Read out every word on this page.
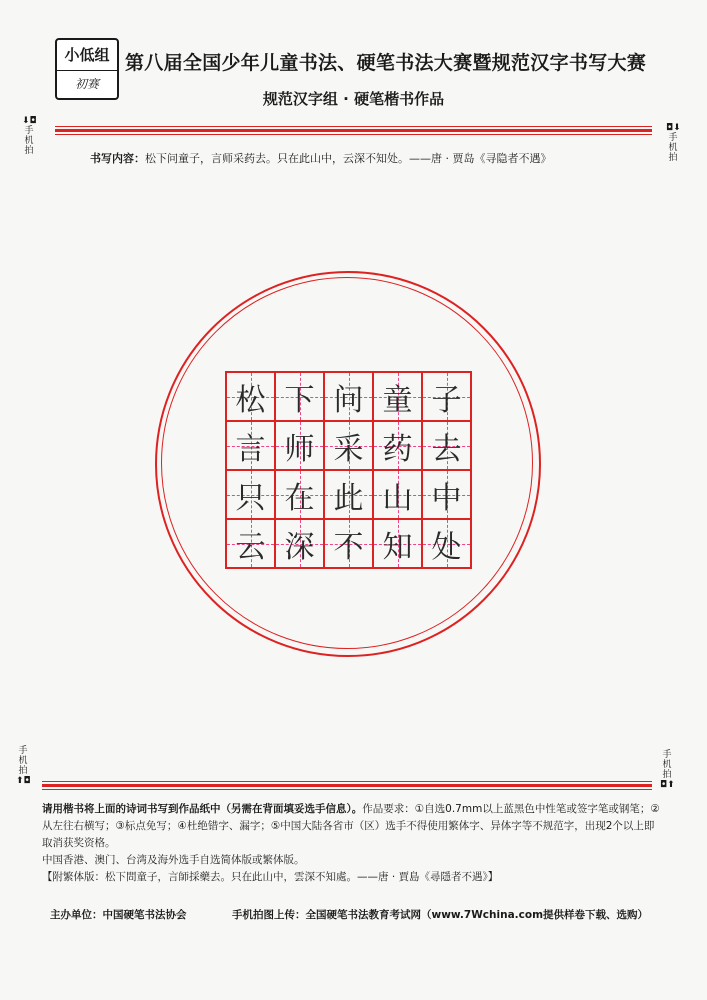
小低组
初赛
第八届全国少年儿童书法、硬笔书法大赛暨规范汉字书写大赛
规范汉字组 · 硬笔楷书作品
⬇◘
手
机
拍
◘⬇
手
机
拍
书写内容：松下问童子，言师采药去。只在此山中，云深不知处。——唐 · 贾岛《寻隐者不遇》
松 下 问 童 子
言 师 采 药 去
只 在 此 山 中
云 深 不 知 处
手
机
拍
⬆◘
手
机
拍
◘⬆

请用楷书将上面的诗词书写到作品纸中（另需在背面填妥选手信息）。作品要求：①自选0.7mm以上蓝黑色中性笔或签字笔或钢笔；②从左往右横写；③标点免写；④杜绝错字、漏字；⑤中国大陆各省市（区）选手不得使用繁体字、异体字等不规范字，出现2个以上即取消获奖资格。

中国香港、澳门、台湾及海外选手自选简体版或繁体版。

【附繁体版：松下問童子，言師採藥去。只在此山中，雲深不知處。——唐 · 賈島《尋隱者不遇》】

主办单位：中国硬笔书法协会	手机拍图上传：全国硬笔书法教育考试网（www.7Wchina.com提供样卷下载、选购）
